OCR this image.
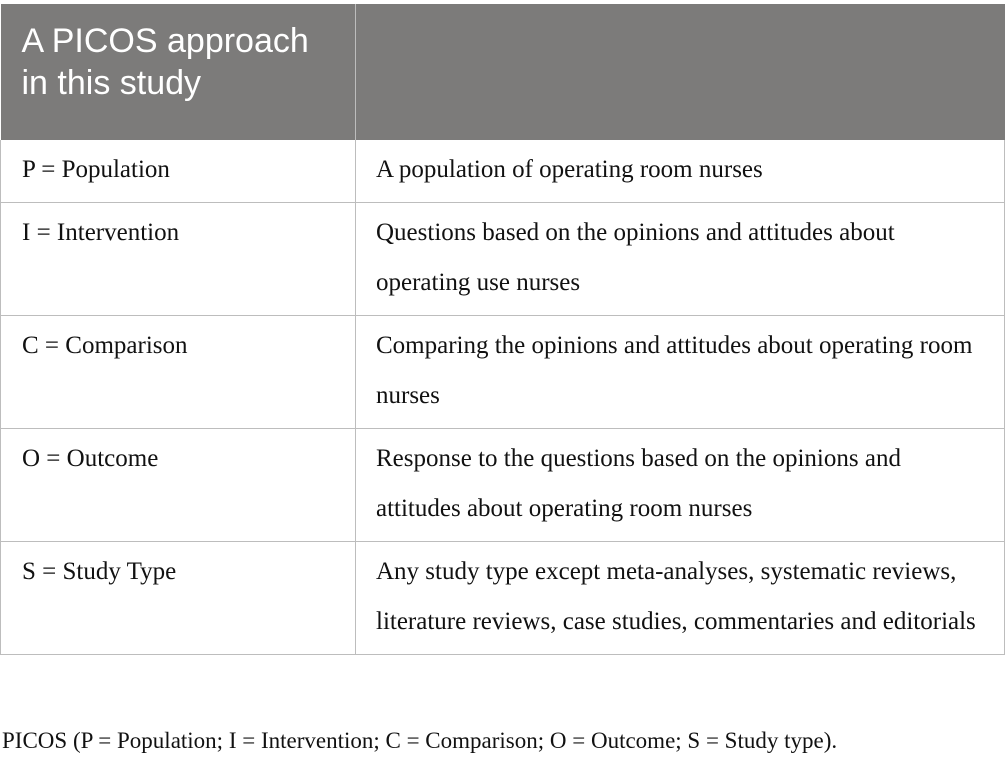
A PICOS approach in this study	
P = Population	A population of operating room nurses
I = Intervention	Questions based on the opinions and attitudes about operating use nurses
C = Comparison	Comparing the opinions and attitudes about operating room nurses
O = Outcome	Response to the questions based on the opinions and attitudes about operating room nurses
S = Study Type	Any study type except meta-analyses, systematic reviews, literature reviews, case studies, commentaries and editorials
PICOS (P = Population; I = Intervention; C = Comparison; O = Outcome; S = Study type).
